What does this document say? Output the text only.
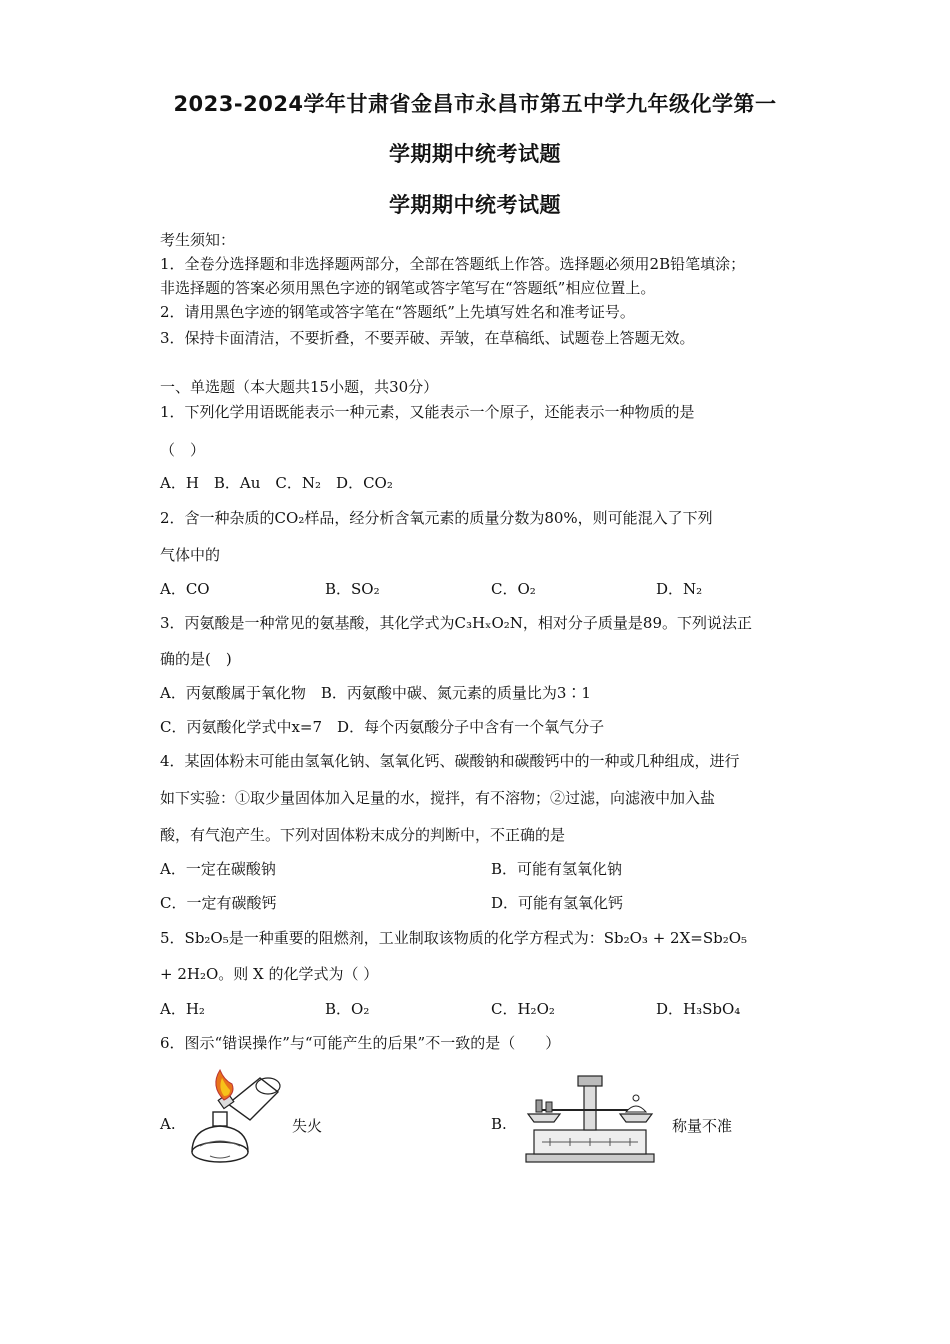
2023-2024学年甘肃省金昌市永昌市第五中学九年级化学第一
学期期中统考试题
学期期中统考试题
考生须知：
1．全卷分选择题和非选择题两部分，全部在答题纸上作答。选择题必须用2B铅笔填涂；
非选择题的答案必须用黑色字迹的钢笔或答字笔写在“答题纸”相应位置上。
2．请用黑色字迹的钢笔或答字笔在“答题纸”上先填写姓名和准考证号。
3．保持卡面清洁，不要折叠，不要弄破、弄皱，在草稿纸、试题卷上答题无效。
一、单选题（本大题共15小题，共30分）
1．下列化学用语既能表示一种元素，又能表示一个原子，还能表示一种物质的是
（　）
A．H　B．Au　C．N₂　D．CO₂
2．含一种杂质的CO₂样品，经分析含氧元素的质量分数为80%，则可能混入了下列
气体中的
A．CO	B．SO₂	C．O₂	D．N₂
3．丙氨酸是一种常见的氨基酸，其化学式为C₃HₓO₂N，相对分子质量是89。下列说法正
确的是(　)
A．丙氨酸属于氧化物　B．丙氨酸中碳、氮元素的质量比为3∶1
C．丙氨酸化学式中x=7　D．每个丙氨酸分子中含有一个氧气分子
4．某固体粉末可能由氢氧化钠、氢氧化钙、碳酸钠和碳酸钙中的一种或几种组成，进行
如下实验：①取少量固体加入足量的水，搅拌，有不溶物；②过滤，向滤液中加入盐
酸，有气泡产生。下列对固体粉末成分的判断中，不正确的是
A．一定在碳酸钠	B．可能有氢氧化钠
C．一定有碳酸钙	D．可能有氢氧化钙
5．Sb₂O₅是一种重要的阻燃剂，工业制取该物质的化学方程式为：Sb₂O₃ + 2X=Sb₂O₅
+ 2H₂O。则 X 的化学式为（ ）
A．H₂	B．O₂	C．H₂O₂	D．H₃SbO₄
6．图示“错误操作”与“可能产生的后果”不一致的是（　　）
A.	失火	B.	称量不准
